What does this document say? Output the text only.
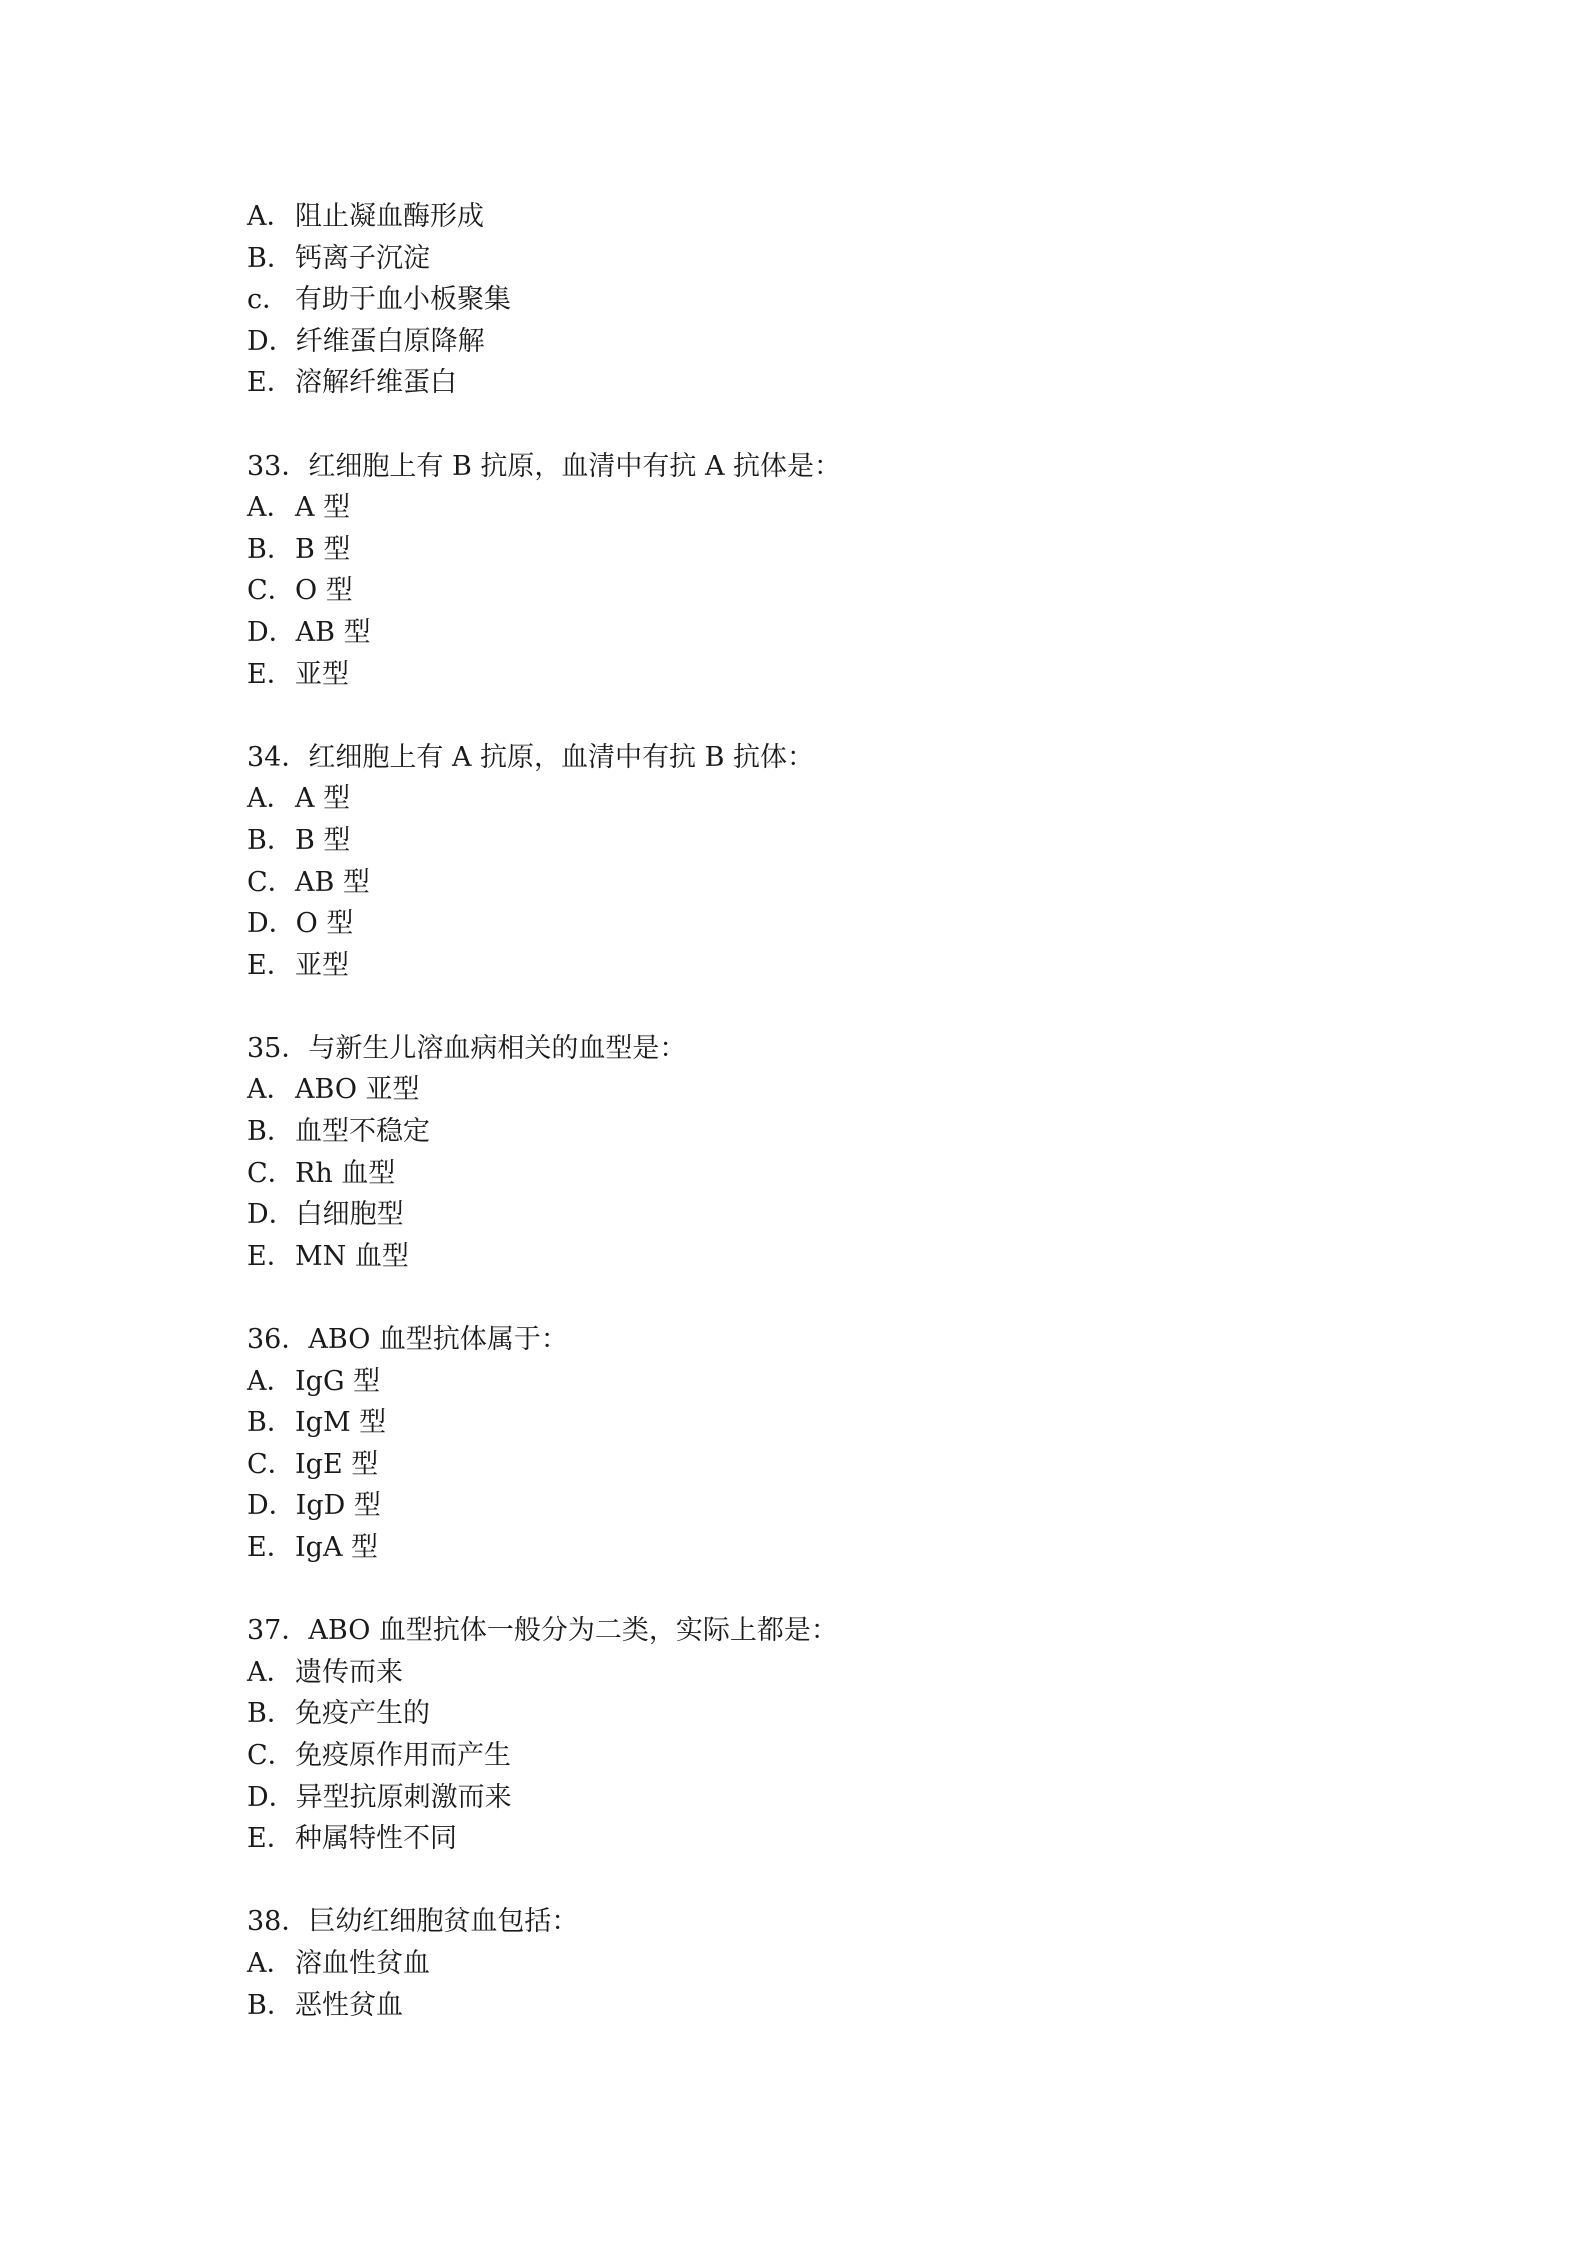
A．阻止凝血酶形成
B．钙离子沉淀
c． 有助于血小板聚集
D．纤维蛋白原降解
E．溶解纤维蛋白
33．红细胞上有 B 抗原，血清中有抗 A 抗体是：
A．A 型
B．B 型
C．O 型
D．AB 型
E．亚型
34．红细胞上有 A 抗原，血清中有抗 B 抗体：
A．A 型
B．B 型
C．AB 型
D．O 型
E．亚型
35．与新生儿溶血病相关的血型是：
A．ABO 亚型
B．血型不稳定
C．Rh 血型
D．白细胞型
E．MN 血型
36．ABO 血型抗体属于：
A．IgG 型
B．IgM 型
C．IgE 型
D．IgD 型
E．IgA 型
37．ABO 血型抗体一般分为二类，实际上都是：
A．遗传而来
B．免疫产生的
C．免疫原作用而产生
D．异型抗原刺激而来
E．种属特性不同
38．巨幼红细胞贫血包括：
A．溶血性贫血
B．恶性贫血
